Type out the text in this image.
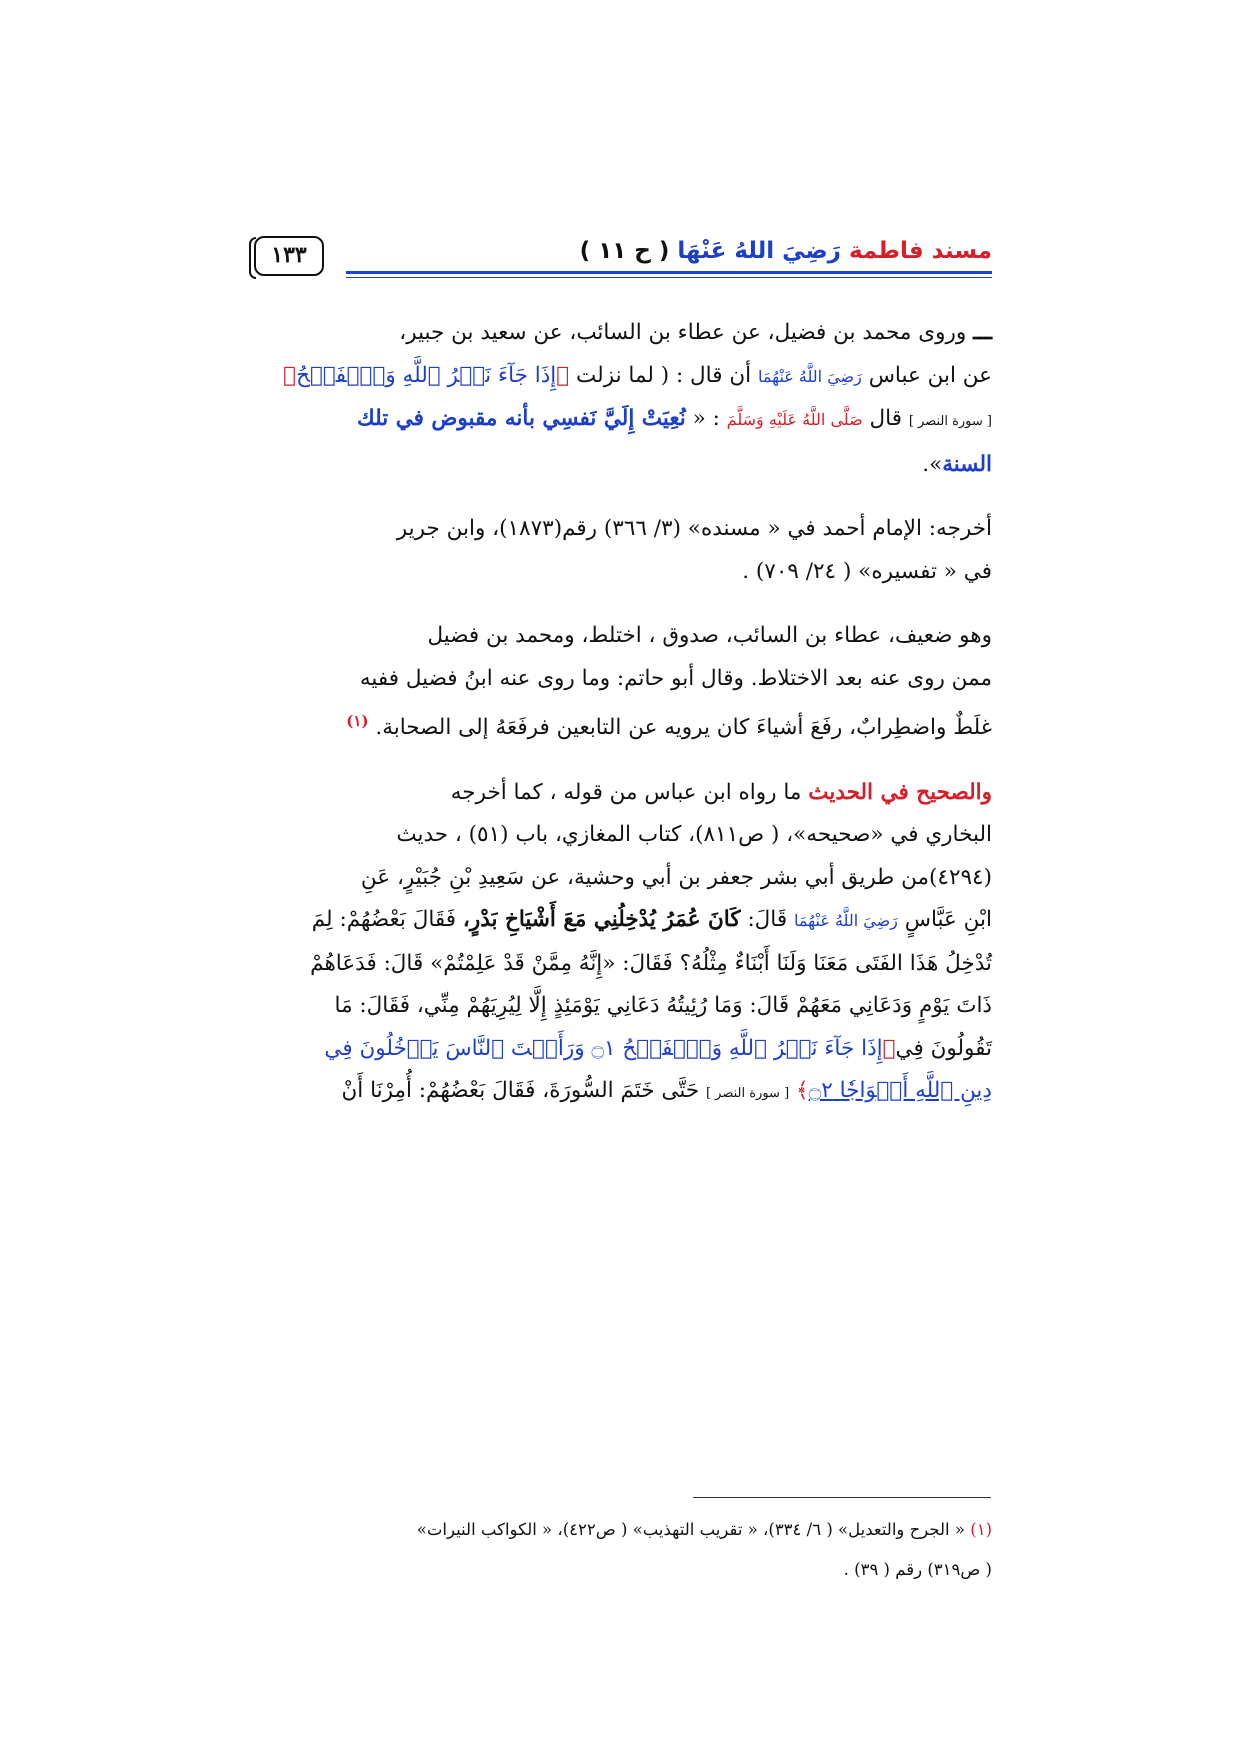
مسند فاطمة رَضِيَ اللهُ عَنْهَا ( ح ١١ )
١٣٣

ـــ وروى محمد بن فضيل، عن عطاء بن السائب، عن سعيد بن جبير،

عن ابن عباس رَضِيَ اللَّهُ عَنْهُمَا أن قال : ( لما نزلت ﴿إِذَا جَآءَ نَصۡرُ ٱللَّهِ وَٱلۡفَتۡحُ﴾

[ سورة النصر ] قال صَلَّى اللَّهُ عَلَيْهِ وَسَلَّمَ : « نُعِيَتْ إِلَيَّ نَفسِي بأنه مقبوض في تلك

السنة».

أخرجه: الإمام أحمد في « مسنده» (٣/ ٣٦٦) رقم(١٨٧٣)، وابن جرير

في « تفسيره» ( ٢٤/ ٧٠٩) .

وهو ضعيف، عطاء بن السائب، صدوق ، اختلط، ومحمد بن فضيل

ممن روى عنه بعد الاختلاط. وقال أبو حاتم: وما روى عنه ابنُ فضيل ففيه

غلَطٌ واضطِرابٌ، رفَعَ أشياءَ كان يرويه عن التابعين فرفَعَهُ إلى الصحابة. $^{(١)}$

والصحيح في الحديث ما رواه ابن عباس من قوله ، كما أخرجه

البخاري في «صحيحه»، ( ص٨١١)، كتاب المغازي، باب (٥١) ، حديث

(٤٢٩٤)من طريق أبي بشر جعفر بن أبي وحشية، عن سَعِيدِ بْنِ جُبَيْرٍ، عَنِ

ابْنِ عَبَّاسٍ رَضِيَ اللَّهُ عَنْهُمَا قَالَ: كَانَ عُمَرُ يُدْخِلُنِي مَعَ أَشْيَاخِ بَدْرٍ، فَقَالَ بَعْضُهُمْ: لِمَ

تُدْخِلُ هَذَا الفَتَى مَعَنَا وَلَنَا أَبْنَاءٌ مِثْلُهُ؟ فَقَالَ: «إِنَّهُ مِمَّنْ قَدْ عَلِمْتُمْ» قَالَ: فَدَعَاهُمْ

ذَاتَ يَوْمٍ وَدَعَانِي مَعَهُمْ قَالَ: وَمَا رُئِيتُهُ دَعَانِي يَوْمَئِذٍ إِلَّا لِيُرِيَهُمْ مِنِّي، فَقَالَ: مَا

تَقُولُونَ فِي﴿إِذَا جَآءَ نَصۡرُ ٱللَّهِ وَٱلۡفَتۡحُ ۝١ وَرَأَيۡتَ ٱلنَّاسَ يَدۡخُلُونَ فِي

دِينِ ٱللَّهِ أَفۡوَاجٗا ۝٢﴾ [ سورة النصر ] حَتَّى خَتَمَ السُّورَةَ، فَقَالَ بَعْضُهُمْ: أُمِرْنَا أَنْ

(١) « الجرح والتعديل» ( ٦/ ٣٣٤)، « تقريب التهذيب» ( ص٤٢٢)، « الكواكب النيرات»

( ص٣١٩) رقم ( ٣٩) .
